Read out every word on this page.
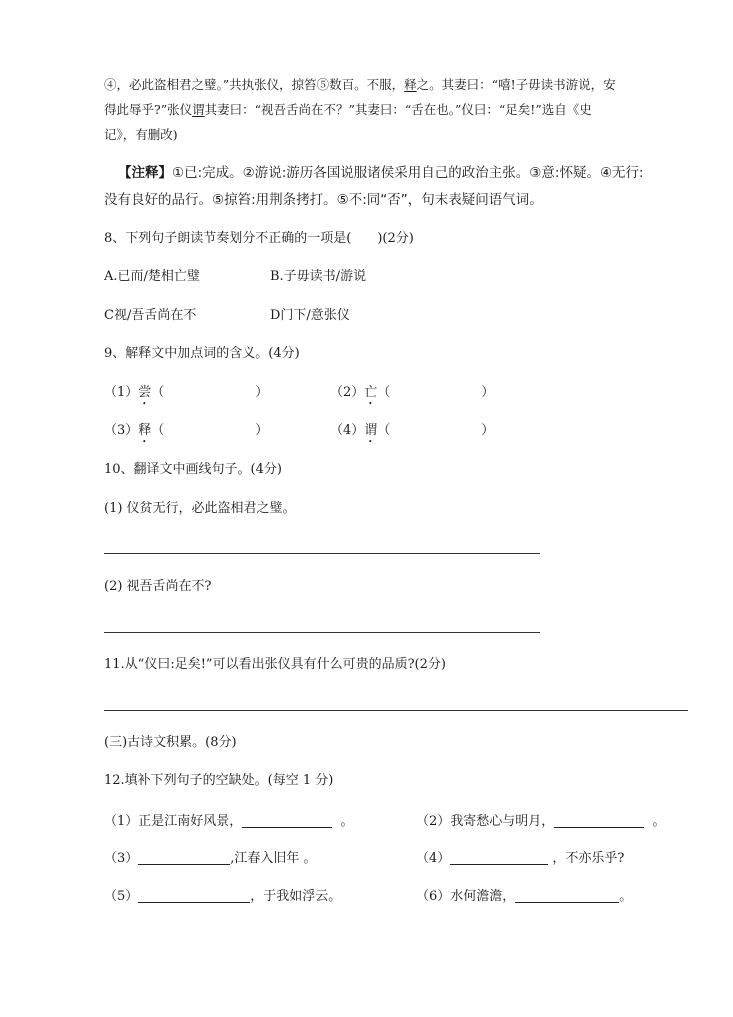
④，必此盗相君之璧。”共执张仪，掠笞⑤数百。不服，释之。其妻曰：“嘻!子毋读书游说，安
得此辱乎?”张仪谓其妻曰：“视吾舌尚在不？”其妻曰：“舌在也。”仪曰：“足矣!”选自《史
记》，有删改)
【注释】①已:完成。②游说:游历各国说服诸侯采用自己的政治主张。③意:怀疑。④无行:
没有良好的品行。⑤掠笞:用荆条拷打。⑤不:同“否”，句末表疑问语气词。
8、下列句子朗读节奏划分不正确的一项是(　　)(2分)
A.已而/楚相亡璧	B.子毋读书/游说
C视/吾舌尚在不	D门下/意张仪
9、解释文中加点词的含义。(4分)
（1）尝（　　　　　　　）	（2）亡（　　　　　　　）
（3）释（　　　　　　　）	（4）谓（　　　　　　　）
10、翻译文中画线句子。(4分)
(1) 仪贫无行，必此盗相君之璧。
(2) 视吾舌尚在不?
11.从“仪曰:足矣!”可以看出张仪具有什么可贵的品质?(2分)
(三)古诗文积累。(8分)
12.填补下列句子的空缺处。(每空 1 分)
（1）正是江南好风景，	。	（2）我寄愁心与明月，	。
（3）	,江春入旧年 。	（4）	，不亦乐乎?
（5）	，于我如浮云。	（6）水何澹澹，	。
